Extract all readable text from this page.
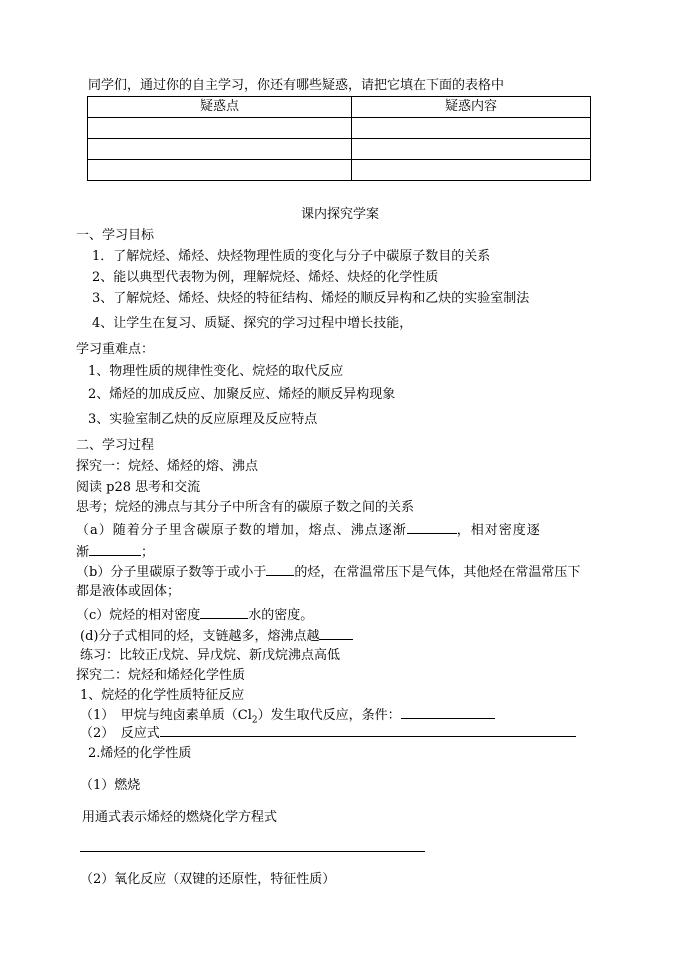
同学们，通过你的自主学习，你还有哪些疑惑，请把它填在下面的表格中
疑惑点	疑惑内容

课内探究学案
一、学习目标
1．了解烷烃、烯烃、炔烃物理性质的变化与分子中碳原子数目的关系
2、能以典型代表物为例，理解烷烃、烯烃、炔烃的化学性质
3、了解烷烃、烯烃、炔烃的特征结构、烯烃的顺反异构和乙炔的实验室制法
4、让学生在复习、质疑、探究的学习过程中增长技能，
学习重难点：
1、物理性质的规律性变化、烷烃的取代反应
2、烯烃的加成反应、加聚反应、烯烃的顺反异构现象
3、实验室制乙炔的反应原理及反应特点
二、学习过程
探究一：烷烃、烯烃的熔、沸点
阅读 p28 思考和交流
思考；烷烃的沸点与其分子中所含有的碳原子数之间的关系
（a）随着分子里含碳原子数的增加，熔点、沸点逐渐	，相对密度逐
渐	；
（b）分子里碳原子数等于或小于 的烃，在常温常压下是气体，其他烃在常温常压下
都是液体或固体；
（c）烷烃的相对密度	水的密度。
(d)分子式相同的烃，支链越多，熔沸点越
练习：比较正戊烷、异戊烷、新戊烷沸点高低
探究二：烷烃和烯烃化学性质
1、烷烃的化学性质特征反应
（1）　甲烷与纯卤素单质$(Cl_2)$发生取代反应，条件：
（2）　反应式
2.烯烃的化学性质
（1）燃烧
用通式表示烯烃的燃烧化学方程式
（2）氧化反应（双键的还原性，特征性质）
